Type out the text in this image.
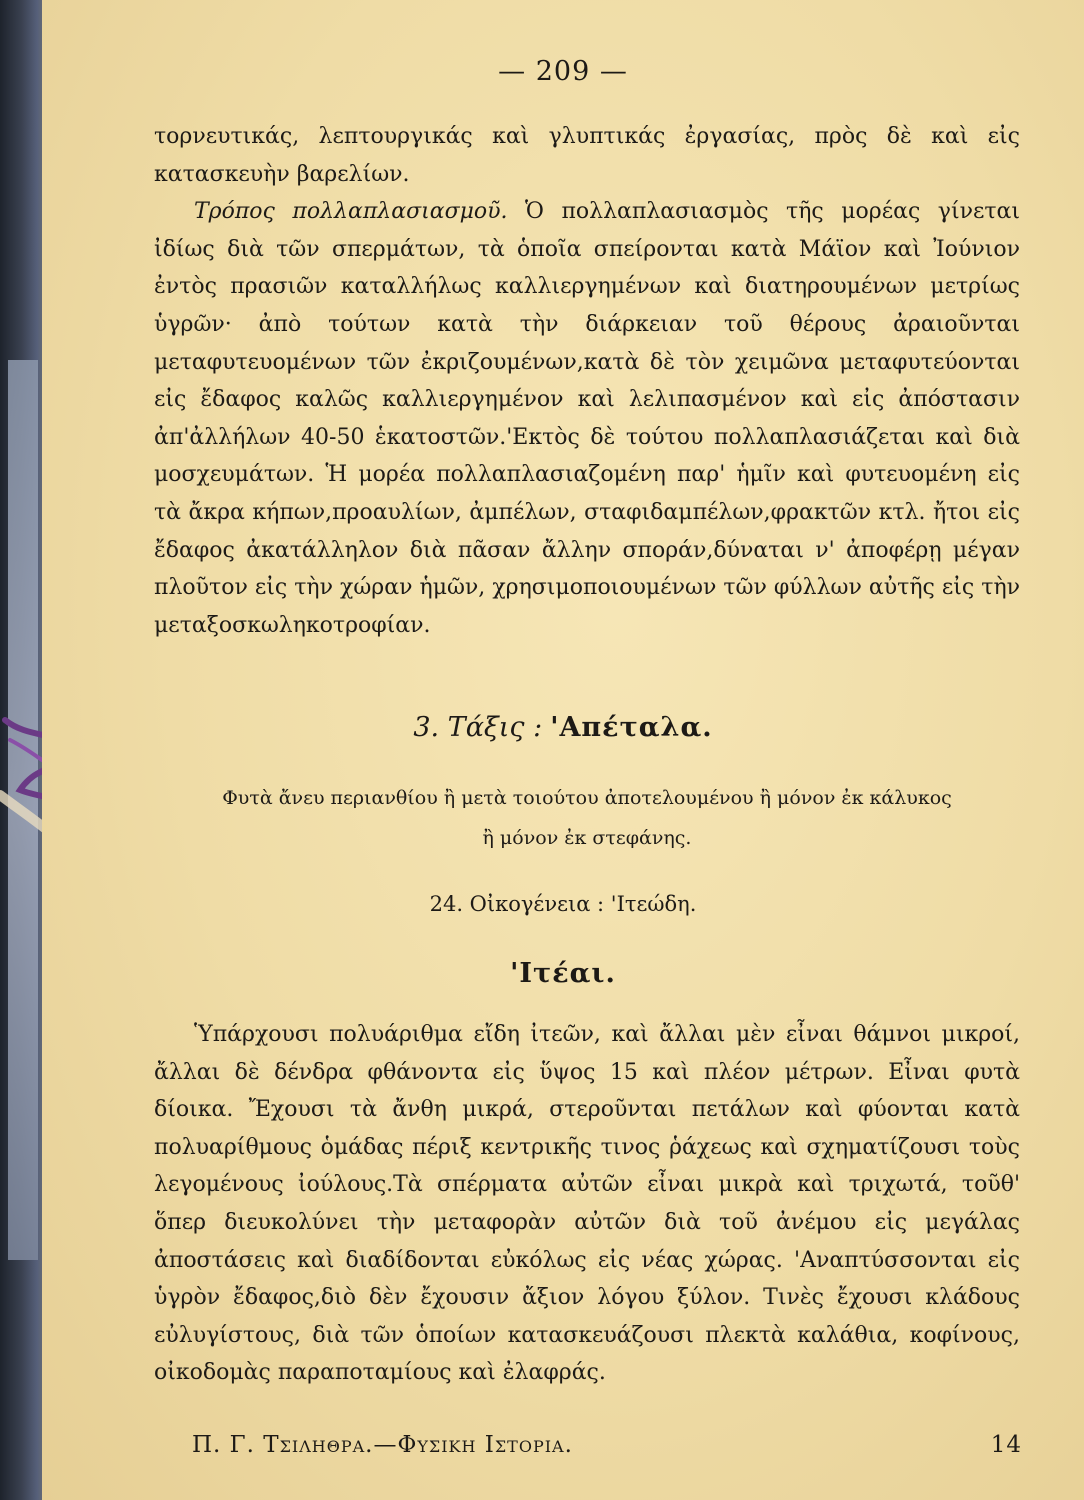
— 209 —

τορνευτικάς, λεπτουργικάς καὶ γλυπτικάς ἐργασίας, πρὸς δὲ καὶ εἰς κατασκευὴν βαρελίων.

Τρόπος πολλαπλασιασμοῦ. Ὁ πολλαπλασιασμὸς τῆς μορέας γίνεται ἰδίως διὰ τῶν σπερμάτων, τὰ ὁποῖα σπείρονται κατὰ Μάϊον καὶ Ἰούνιον ἐντὸς πρασιῶν καταλλήλως καλλιεργημένων καὶ διατηρουμένων μετρίως ὑγρῶν· ἀπὸ τούτων κατὰ τὴν διάρκειαν τοῦ θέρους ἀραιοῦνται μεταφυτευομένων τῶν ἐκριζουμένων,κατὰ δὲ τὸν χειμῶνα μεταφυτεύονται εἰς ἔδαφος καλῶς καλλιεργημένον καὶ λελιπασμένον καὶ εἰς ἀπόστασιν ἀπ'ἀλλήλων 40-50 ἑκατοστῶν.'Εκτὸς δὲ τούτου πολλαπλασιάζεται καὶ διὰ μοσχευμάτων. Ἡ μορέα πολλαπλασιαζομένη παρ' ἡμῖν καὶ φυτευομένη εἰς τὰ ἄκρα κήπων,προαυλίων, ἀμπέλων, σταφιδαμπέλων,φρακτῶν κτλ. ἤτοι εἰς ἔδαφος ἀκατάλληλον διὰ πᾶσαν ἄλλην σποράν,δύναται ν' ἀποφέρῃ μέγαν πλοῦτον εἰς τὴν χώραν ἡμῶν, χρησιμοποιουμένων τῶν φύλλων αὐτῆς εἰς τὴν μεταξοσκωληκοτροφίαν.

3. Τάξις : 'Απέταλα.

Φυτὰ ἄνευ περιανθίου ἢ μετὰ τοιούτου ἀποτελουμένου ἢ μόνον ἐκ κάλυκος

ἢ μόνον ἐκ στεφάνης.

24. Οἰκογένεια : 'Ιτεώδη.
'Ιτέαι.

Ὑπάρχουσι πολυάριθμα εἴδη ἰτεῶν, καὶ ἄλλαι μὲν εἶναι θάμνοι μικροί, ἄλλαι δὲ δένδρα φθάνοντα εἰς ὕψος 15 καὶ πλέον μέτρων. Εἶναι φυτὰ δίοικα. Ἔχουσι τὰ ἄνθη μικρά, στεροῦνται πετάλων καὶ φύονται κατὰ πολυαρίθμους ὁμάδας πέριξ κεντρικῆς τινος ῥάχεως καὶ σχηματίζουσι τοὺς λεγομένους ἰούλους.Τὰ σπέρματα αὐτῶν εἶναι μικρὰ καὶ τριχωτά, τοῦθ' ὅπερ διευκολύνει τὴν μεταφορὰν αὐτῶν διὰ τοῦ ἀνέμου εἰς μεγάλας ἀποστάσεις καὶ διαδίδονται εὐκόλως εἰς νέας χώρας. 'Αναπτύσσονται εἰς ὑγρὸν ἔδαφος,διὸ δὲν ἔχουσιν ἄξιον λόγου ξύλον. Τινὲς ἔχουσι κλάδους εὐλυγίστους, διὰ τῶν ὁποίων κατασκευάζουσι πλεκτὰ καλάθια, κοφίνους, οἰκοδομὰς παραποταμίους καὶ ἐλαφράς.

Π. Γ. Τσιληθρα.—Φυσικη Ιστορια.	14
